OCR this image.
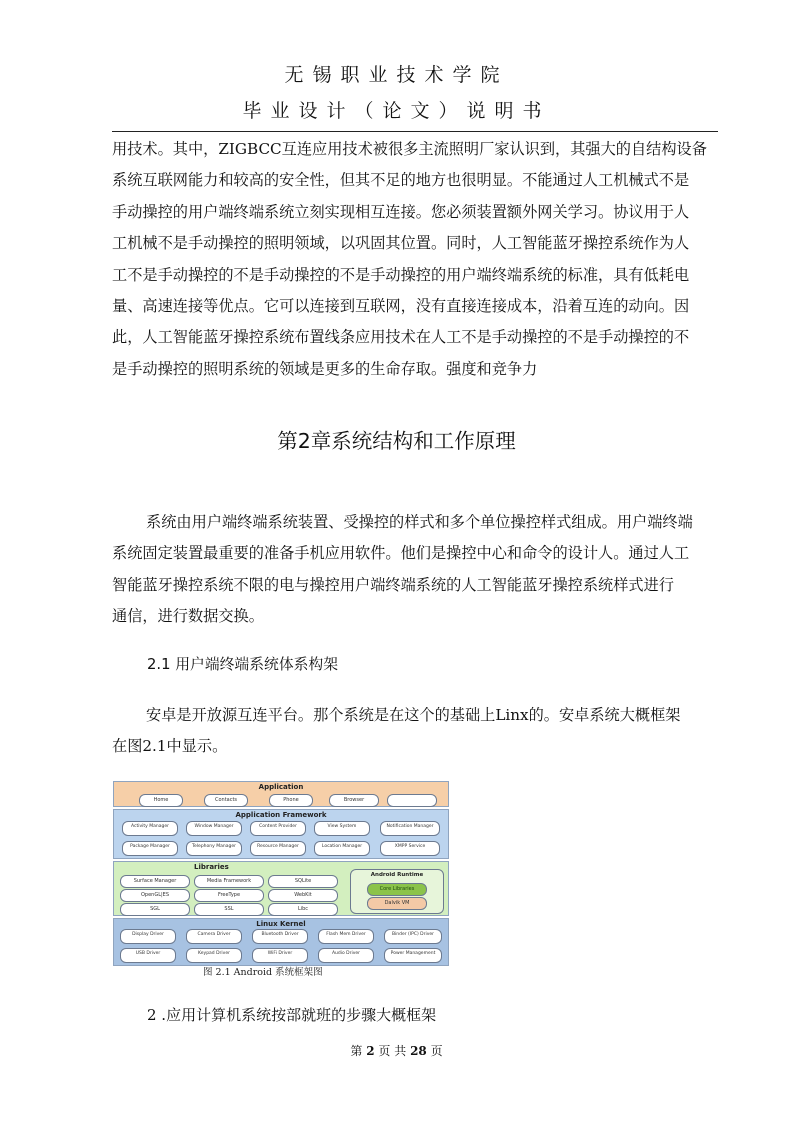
无锡职业技术学院
毕业设计（论文）说明书

用技术。其中，ZIGBCC互连应用技术被很多主流照明厂家认识到，其强大的自结构设备

系统互联网能力和较高的安全性，但其不足的地方也很明显。不能通过人工机械式不是

手动操控的用户端终端系统立刻实现相互连接。您必须装置额外网关学习。协议用于人

工机械不是手动操控的照明领域，以巩固其位置。同时，人工智能蓝牙操控系统作为人

工不是手动操控的不是手动操控的不是手动操控的用户端终端系统的标准，具有低耗电

量、高速连接等优点。它可以连接到互联网，没有直接连接成本，沿着互连的动向。因

此，人工智能蓝牙操控系统布置线条应用技术在人工不是手动操控的不是手动操控的不

是手动操控的照明系统的领域是更多的生命存取。强度和竞争力

第2章系统结构和工作原理

系统由用户端终端系统装置、受操控的样式和多个单位操控样式组成。用户端终端

系统固定装置最重要的准备手机应用软件。他们是操控中心和命令的设计人。通过人工

智能蓝牙操控系统不限的电与操控用户端终端系统的人工智能蓝牙操控系统样式进行

通信，进行数据交换。

2.1 用户端终端系统体系构架

安卓是开放源互连平台。那个系统是在这个的基础上Linx的。安卓系统大概框架

在图2.1中显示。

Application
Home	Contacts	Phone	Browser
Application Framework
Activity Manager	Window Manager	Content Provider	View System	Notification Manager
Package Manager	Telephony Manager	Resource Manager	Location Manager	XMPP Service
Libraries
Surface Manager	Media Framework	SQLite
OpenGL|ES	FreeType	WebKit
SGL	SSL	Libc
Android Runtime
Core Libraries
Dalvik VM
Linux Kernel
Display Driver	Camera Driver	Bluetooth Driver	Flash Mem Driver	Binder (IPC) Driver
USB Driver	Keypad Driver	WiFi Driver	Audio Driver	Power Management
图 2.1 Android 系统框架图
2 .应用计算机系统按部就班的步骤大概框架
第 2 页 共 28 页
